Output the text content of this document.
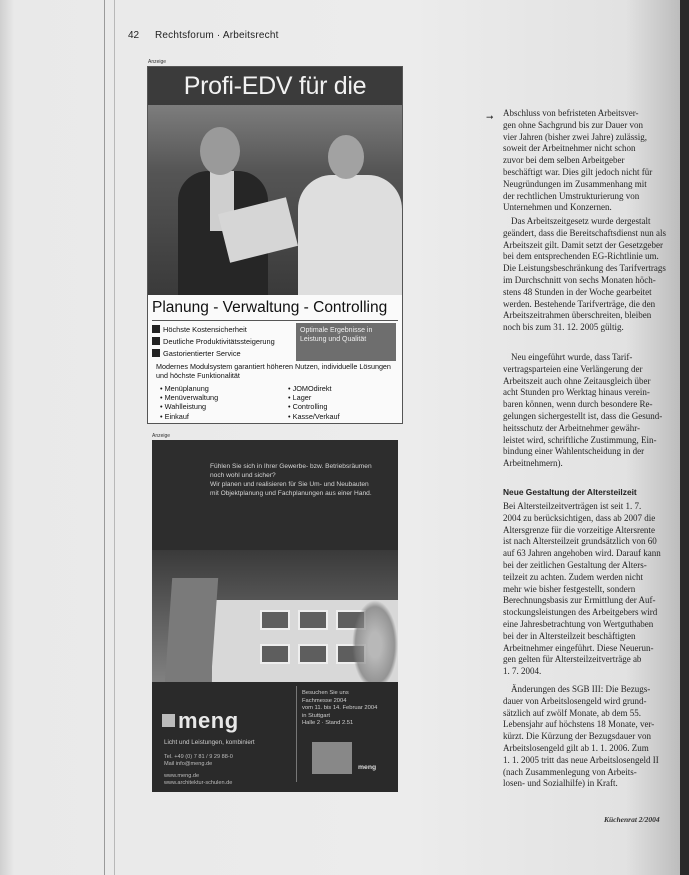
42 Rechtsforum · Arbeitsrecht
Anzeige
Profi-EDV für die
Planung - Verwaltung - Controlling
Höchste Kostensicherheit
Deutliche Produktivitätssteigerung
Gastorientierter Service
Optimale Ergebnisse in Leistung und Qualität
Modernes Modulsystem garantiert höheren Nutzen, individuelle Lösungen und höchste Funktionalität
• Menüplanung
• Menüverwaltung
• Wahlleistung
• Einkauf
• JOMOdirekt
• Lager
• Controlling
• Kasse/Verkauf
Anzeige
Fühlen Sie sich in Ihrer Gewerbe- bzw. Betriebsräumen
noch wohl und sicher?
Wir planen und realisieren für Sie Um- und Neubauten
mit Objektplanung und Fachplanungen aus einer Hand.
meng
Licht und Leistungen, kombiniert
Tel. +49 (0) 7 81 / 9 29 88-0
Mail info@meng.de
www.meng.de
www.architektur-schulen.de
Besuchen Sie uns
Fachmesse 2004
vom 11. bis 14. Februar 2004
in Stuttgart
Halle 2 · Stand 2.51
meng
➞ Abschluss von befristeten Arbeitsver-

gen ohne Sachgrund bis zur Dauer von

vier Jahren (bisher zwei Jahre) zulässig,

soweit der Arbeitnehmer nicht schon

zuvor bei dem selben Arbeitgeber

beschäftigt war. Dies gilt jedoch nicht für

Neugründungen im Zusammenhang mit

der rechtlichen Umstrukturierung von

Unternehmen und Konzernen.

Das Arbeitszeitgesetz wurde dergestalt

geändert, dass die Bereitschaftsdienst nun als

Arbeitszeit gilt. Damit setzt der Gesetzgeber

bei dem entsprechenden EG-Richtlinie um.

Die Leistungsbeschränkung des Tarifvertrags

im Durchschnitt von sechs Monaten höch-

stens 48 Stunden in der Woche gearbeitet

werden. Bestehende Tarifverträge, die den

Arbeitszeitrahmen überschreiten, bleiben

noch bis zum 31. 12. 2005 gültig.

Neu eingeführt wurde, dass Tarif-

vertragsparteien eine Verlängerung der

Arbeitszeit auch ohne Zeitausgleich über

acht Stunden pro Werktag hinaus verein-

baren können, wenn durch besondere Re-

gelungen sichergestellt ist, dass die Gesund-

heitsschutz der Arbeitnehmer gewähr-

leistet wird, schriftliche Zustimmung, Ein-

bindung einer Wahlentscheidung in der

Arbeitnehmern).

Neue Gestaltung der Altersteilzeit

Bei Altersteilzeitverträgen ist seit 1. 7.

2004 zu berücksichtigen, dass ab 2007 die

Altersgrenze für die vorzeitige Altersrente

ist nach Altersteilzeit grundsätzlich von 60

auf 63 Jahren angehoben wird. Darauf kann

bei der zeitlichen Gestaltung der Alters-

teilzeit zu achten. Zudem werden nicht

mehr wie bisher festgestellt, sondern

Berechnungsbasis zur Ermittlung der Auf-

stockungsleistungen des Arbeitgebers wird

eine Jahresbetrachtung von Wertguthaben

bei der in Altersteilzeit beschäftigten

Arbeitnehmer eingeführt. Diese Neuerun-

gen gelten für Altersteilzeitverträge ab

1. 7. 2004.

Änderungen des SGB III: Die Bezugs-

dauer von Arbeitslosengeld wird grund-

sätzlich auf zwölf Monate, ab dem 55.

Lebensjahr auf höchstens 18 Monate, ver-

kürzt. Die Kürzung der Bezugsdauer von

Arbeitslosengeld gilt ab 1. 1. 2006. Zum

1. 1. 2005 tritt das neue Arbeitslosengeld II

(nach Zusammenlegung von Arbeits-

losen- und Sozialhilfe) in Kraft.

Küchenrat 2/2004
